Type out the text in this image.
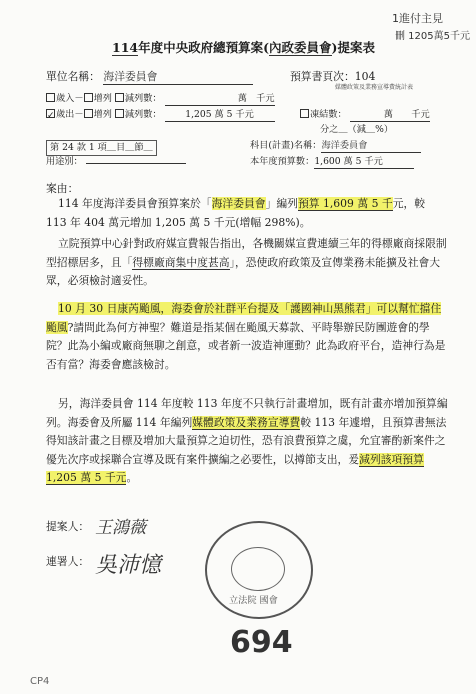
1進付主見
刪 1205萬5千元
114年度中央政府總預算案(內政委員會)提案表
單位名稱： 海洋委員會	預算書頁次：104
媒體政策及業務宣導費統計表
歲入－ 增列 減列數：	萬　千元
✓歲出－ 增列 減列數：	1,205 萬 5 千元	凍結數：	萬　　千元
分之＿（減＿%）
第 24 款 1 項＿目＿節＿
用途別：
科目(計畫)名稱：海洋委員會
本年度預算數：1,600 萬 5 千元
案由：
114 年度海洋委員會預算案於「海洋委員會」編列預算 1,609 萬 5 千元，較 113 年 404 萬元增加 1,205 萬 5 千元(增幅 298%)。
立院預算中心針對政府媒宣費報告指出，各機關媒宣費連續三年的得標廠商採限制型招標居多，且「得標廠商集中度甚高」，恐使政府政策及宣傳業務未能擴及社會大眾，必須檢討適妥性。
10 月 30 日康芮颱風，海委會於社群平台提及「護國神山黑熊君」可以幫忙擋住颱風?請問此為何方神聖？難道是指某個在颱風天募款、平時舉辦民防團遊會的學院？此為小編或廠商無聊之創意，或者新一波造神運動？此為政府平台，造神行為是否有當？海委會應該檢討。
另，海洋委員會 114 年度較 113 年度不只執行計畫增加，既有計畫亦增加預算編列。海委會及所屬 114 年編列媒體政策及業務宣導費較 113 年遽增，且預算書無法得知該計畫之目標及增加大量預算之迫切性，恐有浪費預算之虞，允宜審酌新案件之優先次序或採聯合宣導及既有案件擴編之必要性，以撙節支出，爰減列該項預算 1,205 萬 5 千元。
提案人： 王鴻薇
連署人： 吳沛憶
立法院 國會
694
CP4
